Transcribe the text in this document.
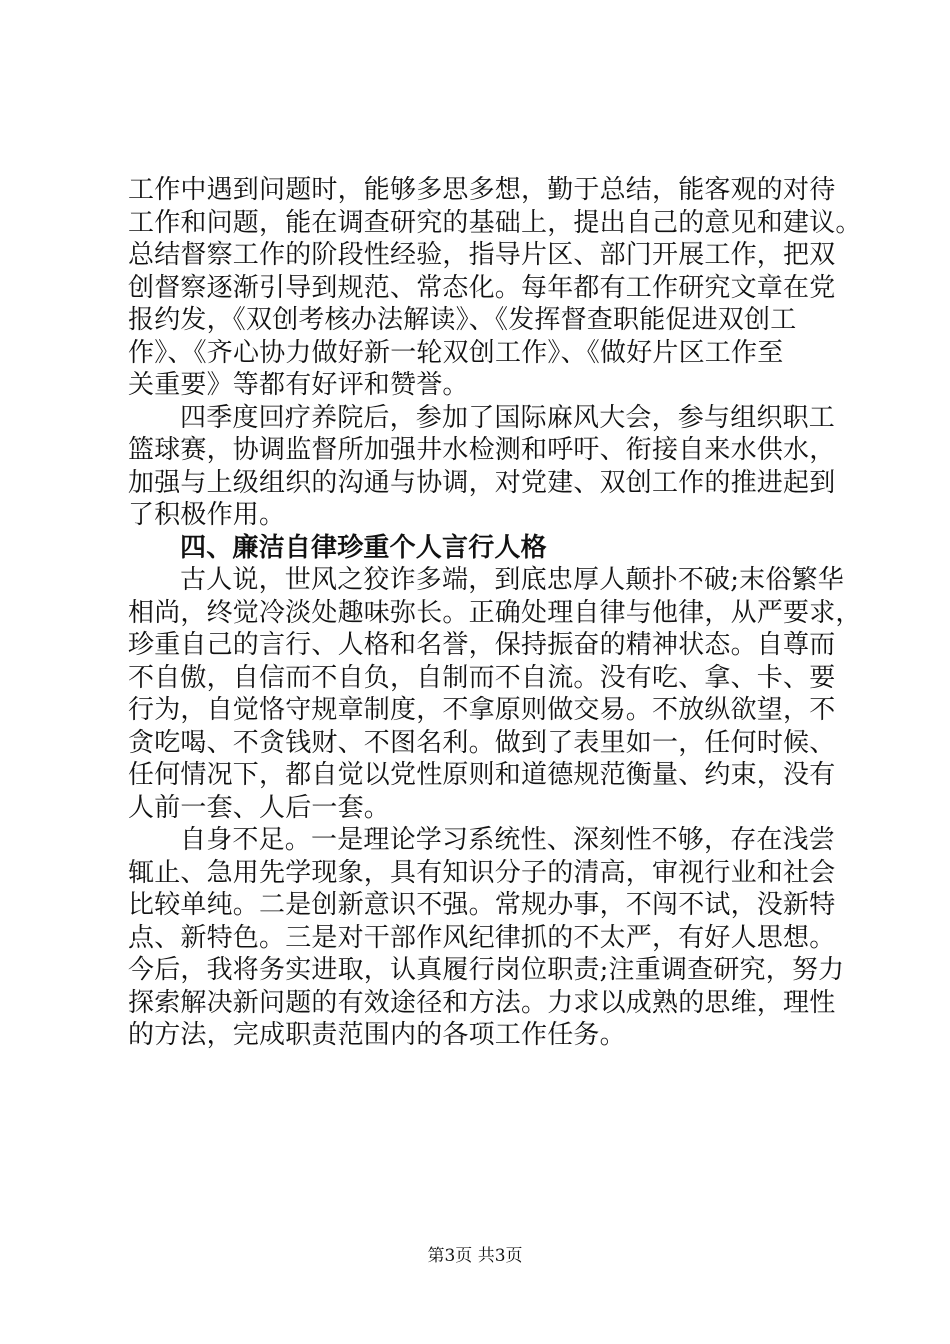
工作中遇到问题时，能够多思多想，勤于总结，能客观的对待
工作和问题，能在调查研究的基础上，提出自己的意见和建议。
总结督察工作的阶段性经验，指导片区、部门开展工作，把双
创督察逐渐引导到规范、常态化。每年都有工作研究文章在党
报约发，《双创考核办法解读》、《发挥督查职能促进双创工
作》、《齐心协力做好新一轮双创工作》、《做好片区工作至
关重要》等都有好评和赞誉。
四季度回疗养院后，参加了国际麻风大会，参与组织职工
篮球赛，协调监督所加强井水检测和呼吁、衔接自来水供水，
加强与上级组织的沟通与协调，对党建、双创工作的推进起到
了积极作用。
四、廉洁自律珍重个人言行人格
古人说，世风之狡诈多端，到底忠厚人颠扑不破;末俗繁华
相尚，终觉冷淡处趣味弥长。正确处理自律与他律，从严要求，
珍重自己的言行、人格和名誉，保持振奋的精神状态。自尊而
不自傲，自信而不自负，自制而不自流。没有吃、拿、卡、要
行为，自觉恪守规章制度，不拿原则做交易。不放纵欲望，不
贪吃喝、不贪钱财、不图名利。做到了表里如一，任何时候、
任何情况下，都自觉以党性原则和道德规范衡量、约束，没有
人前一套、人后一套。
自身不足。一是理论学习系统性、深刻性不够，存在浅尝
辄止、急用先学现象，具有知识分子的清高，审视行业和社会
比较单纯。二是创新意识不强。常规办事，不闯不试，没新特
点、新特色。三是对干部作风纪律抓的不太严，有好人思想。
今后，我将务实进取，认真履行岗位职责;注重调查研究，努力
探索解决新问题的有效途径和方法。力求以成熟的思维，理性
的方法，完成职责范围内的各项工作任务。
第3页 共3页
